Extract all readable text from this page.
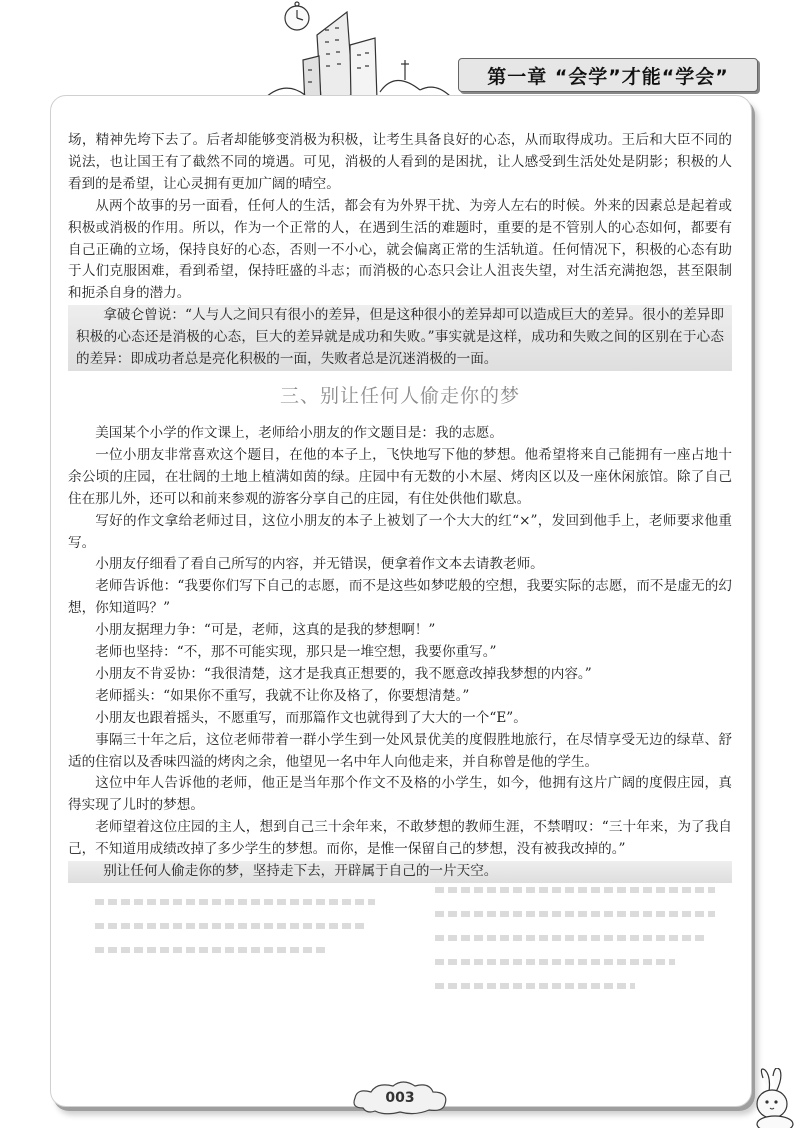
第一章 “会学”才能“学会”

场，精神先垮下去了。后者却能够变消极为积极，让考生具备良好的心态，从而取得成功。王后和大臣不同的说法，也让国王有了截然不同的境遇。可见，消极的人看到的是困扰，让人感受到生活处处是阴影；积极的人看到的是希望，让心灵拥有更加广阔的晴空。

从两个故事的另一面看，任何人的生活，都会有为外界干扰、为旁人左右的时候。外来的因素总是起着或积极或消极的作用。所以，作为一个正常的人，在遇到生活的难题时，重要的是不管别人的心态如何，都要有自己正确的立场，保持良好的心态，否则一不小心，就会偏离正常的生活轨道。任何情况下，积极的心态有助于人们克服困难，看到希望，保持旺盛的斗志；而消极的心态只会让人沮丧失望，对生活充满抱怨，甚至限制和扼杀自身的潜力。

拿破仑曾说：“人与人之间只有很小的差异，但是这种很小的差异却可以造成巨大的差异。很小的差异即积极的心态还是消极的心态，巨大的差异就是成功和失败。”事实就是这样，成功和失败之间的区别在于心态的差异：即成功者总是亮化积极的一面，失败者总是沉迷消极的一面。

三、别让任何人偷走你的梦

美国某个小学的作文课上，老师给小朋友的作文题目是：我的志愿。

一位小朋友非常喜欢这个题目，在他的本子上，飞快地写下他的梦想。他希望将来自己能拥有一座占地十余公顷的庄园，在壮阔的土地上植满如茵的绿。庄园中有无数的小木屋、烤肉区以及一座休闲旅馆。除了自己住在那儿外，还可以和前来参观的游客分享自己的庄园，有住处供他们歇息。

写好的作文拿给老师过目，这位小朋友的本子上被划了一个大大的红“×”，发回到他手上，老师要求他重写。

小朋友仔细看了看自己所写的内容，并无错误，便拿着作文本去请教老师。

老师告诉他：“我要你们写下自己的志愿，而不是这些如梦呓般的空想，我要实际的志愿，而不是虚无的幻想，你知道吗？”

小朋友据理力争：“可是，老师，这真的是我的梦想啊！”

老师也坚持：“不，那不可能实现，那只是一堆空想，我要你重写。”

小朋友不肯妥协：“我很清楚，这才是我真正想要的，我不愿意改掉我梦想的内容。”

老师摇头：“如果你不重写，我就不让你及格了，你要想清楚。”

小朋友也跟着摇头，不愿重写，而那篇作文也就得到了大大的一个“E”。

事隔三十年之后，这位老师带着一群小学生到一处风景优美的度假胜地旅行，在尽情享受无边的绿草、舒适的住宿以及香味四溢的烤肉之余，他望见一名中年人向他走来，并自称曾是他的学生。

这位中年人告诉他的老师，他正是当年那个作文不及格的小学生，如今，他拥有这片广阔的度假庄园，真得实现了儿时的梦想。

老师望着这位庄园的主人，想到自己三十余年来，不敢梦想的教师生涯，不禁喟叹：“三十年来，为了我自己，不知道用成绩改掉了多少学生的梦想。而你，是惟一保留自己的梦想，没有被我改掉的。”

别让任何人偷走你的梦，坚持走下去，开辟属于自己的一片天空。

003
